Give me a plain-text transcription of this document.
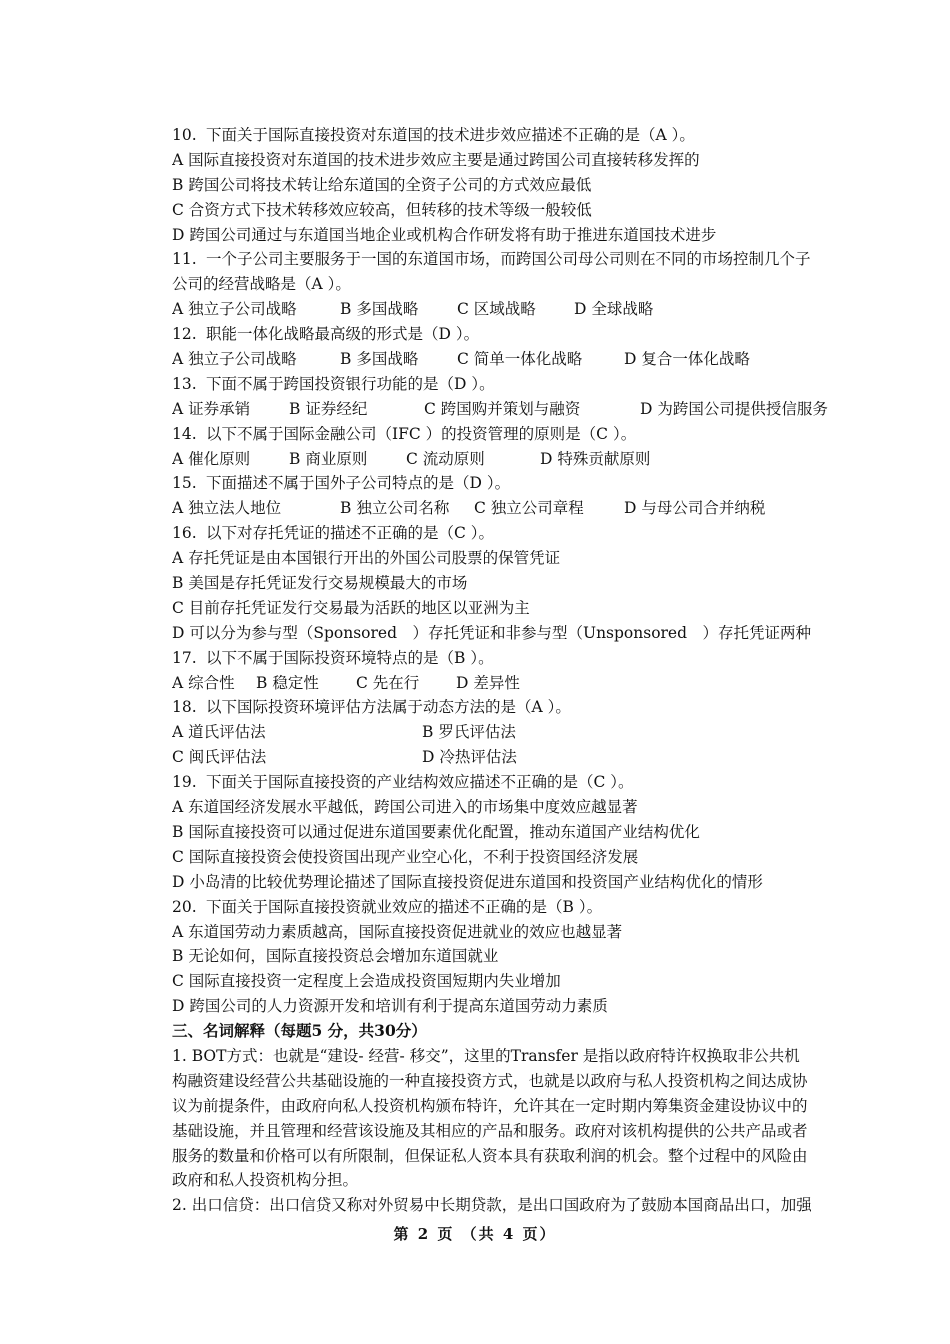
10. 下面关于国际直接投资对东道国的技术进步效应描述不正确的是（A ）。
A 国际直接投资对东道国的技术进步效应主要是通过跨国公司直接转移发挥的
B 跨国公司将技术转让给东道国的全资子公司的方式效应最低
C 合资方式下技术转移效应较高，但转移的技术等级一般较低
D 跨国公司通过与东道国当地企业或机构合作研发将有助于推进东道国技术进步
11. 一个子公司主要服务于一国的东道国市场，而跨国公司母公司则在不同的市场控制几个子
公司的经营战略是（A ）。
A 独立子公司战略	B 多国战略 C 区域战略 D 全球战略
12. 职能一体化战略最高级的形式是（D ）。
A 独立子公司战略	B 多国战略 C 简单一体化战略	D 复合一体化战略
13. 下面不属于跨国投资银行功能的是（D ）。
A 证券承销	B 证券经纪	C 跨国购并策划与融资	D 为跨国公司提供授信服务
14. 以下不属于国际金融公司（IFC ）的投资管理的原则是（C ）。
A 催化原则	B 商业原则 C 流动原则	D 特殊贡献原则
15. 下面描述不属于国外子公司特点的是（D ）。
A 独立法人地位	B 独立公司名称 C 独立公司章程	D 与母公司合并纳税
16. 以下对存托凭证的描述不正确的是（C ）。
A 存托凭证是由本国银行开出的外国公司股票的保管凭证
B 美国是存托凭证发行交易规模最大的市场
C 目前存托凭证发行交易最为活跃的地区以亚洲为主
D 可以分为参与型（Sponsored　）存托凭证和非参与型（Unsponsored　）存托凭证两种
17. 以下不属于国际投资环境特点的是（B ）。
A 综合性 B 稳定性 C 先在行 D 差异性
18. 以下国际投资环境评估方法属于动态方法的是（A ）。
A 道氏评估法	B 罗氏评估法
C 闽氏评估法	D 冷热评估法
19. 下面关于国际直接投资的产业结构效应描述不正确的是（C ）。
A 东道国经济发展水平越低，跨国公司进入的市场集中度效应越显著
B 国际直接投资可以通过促进东道国要素优化配置，推动东道国产业结构优化
C 国际直接投资会使投资国出现产业空心化，不利于投资国经济发展
D 小岛清的比较优势理论描述了国际直接投资促进东道国和投资国产业结构优化的情形
20. 下面关于国际直接投资就业效应的描述不正确的是（B ）。
A 东道国劳动力素质越高，国际直接投资促进就业的效应也越显著
B 无论如何，国际直接投资总会增加东道国就业
C 国际直接投资一定程度上会造成投资国短期内失业增加
D 跨国公司的人力资源开发和培训有利于提高东道国劳动力素质
三、名词解释（每题5 分，共30分）
1. BOT方式：也就是“建设- 经营- 移交”，这里的Transfer 是指以政府特许权换取非公共机
构融资建设经营公共基础设施的一种直接投资方式，也就是以政府与私人投资机构之间达成协
议为前提条件，由政府向私人投资机构颁布特许，允许其在一定时期内筹集资金建设协议中的
基础设施，并且管理和经营该设施及其相应的产品和服务。政府对该机构提供的公共产品或者
服务的数量和价格可以有所限制，但保证私人资本具有获取利润的机会。整个过程中的风险由
政府和私人投资机构分担。
2. 出口信贷：出口信贷又称对外贸易中长期贷款，是出口国政府为了鼓励本国商品出口，加强
第 2 页 （共 4 页）
